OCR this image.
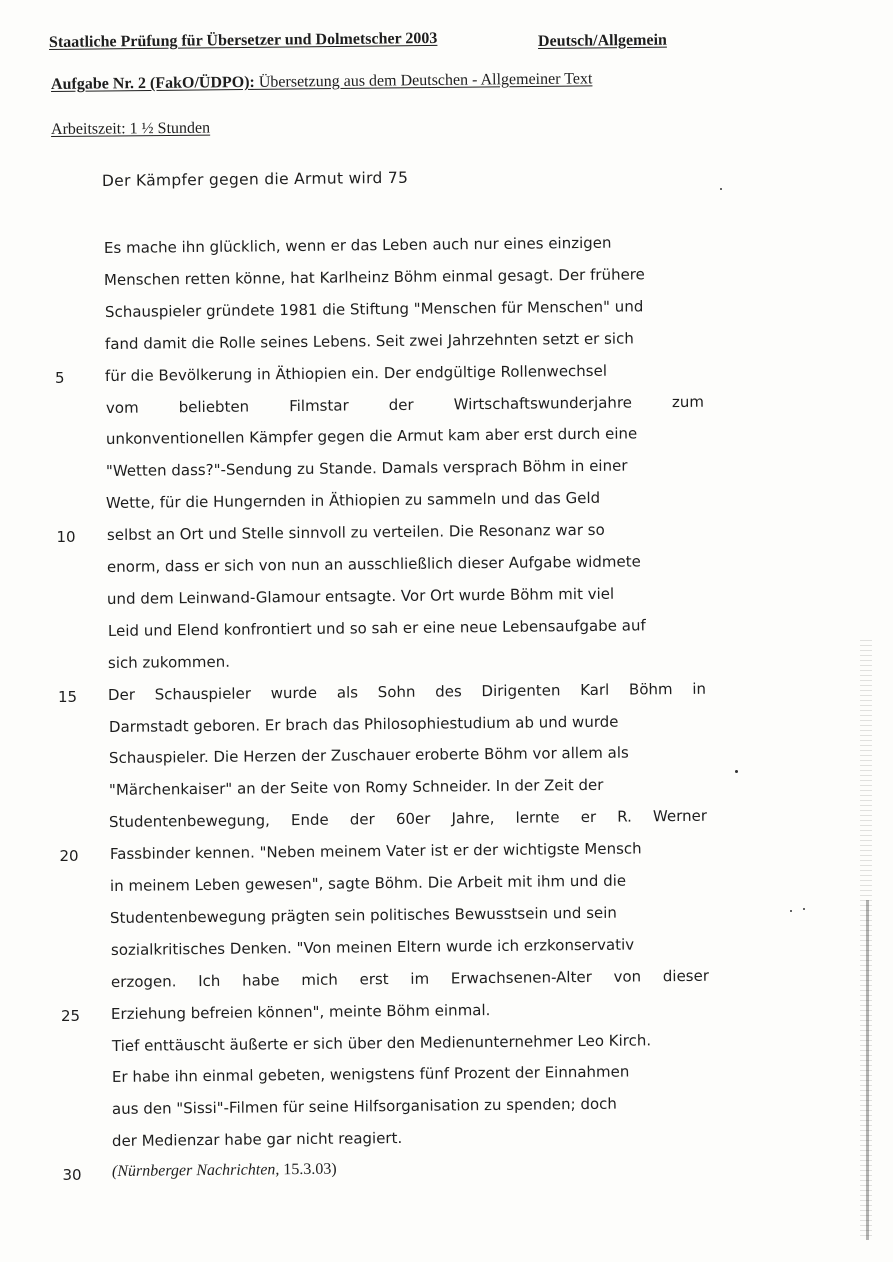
Staatliche Prüfung für Übersetzer und Dolmetscher 2003	Deutsch/Allgemein
Aufgabe Nr. 2 (FakO/ÜDPO): Übersetzung aus dem Deutschen - Allgemeiner Text
Arbeitszeit: 1 ½ Stunden
Der Kämpfer gegen die Armut wird 75
Es mache ihn glücklich, wenn er das Leben auch nur eines einzigen
Menschen retten könne, hat Karlheinz Böhm einmal gesagt. Der frühere
Schauspieler gründete 1981 die Stiftung "Menschen für Menschen" und
fand damit die Rolle seines Lebens. Seit zwei Jahrzehnten setzt er sich
für die Bevölkerung in Äthiopien ein. Der endgültige Rollenwechsel
vom beliebten Filmstar der Wirtschaftswunderjahre zum
unkonventionellen Kämpfer gegen die Armut kam aber erst durch eine
"Wetten dass?"-Sendung zu Stande. Damals versprach Böhm in einer
Wette, für die Hungernden in Äthiopien zu sammeln und das Geld
selbst an Ort und Stelle sinnvoll zu verteilen. Die Resonanz war so
enorm, dass er sich von nun an ausschließlich dieser Aufgabe widmete
und dem Leinwand-Glamour entsagte. Vor Ort wurde Böhm mit viel
Leid und Elend konfrontiert und so sah er eine neue Lebensaufgabe auf
sich zukommen.
Der Schauspieler wurde als Sohn des Dirigenten Karl Böhm in
Darmstadt geboren. Er brach das Philosophiestudium ab und wurde
Schauspieler. Die Herzen der Zuschauer eroberte Böhm vor allem als
"Märchenkaiser" an der Seite von Romy Schneider. In der Zeit der
Studentenbewegung, Ende der 60er Jahre, lernte er R. Werner
Fassbinder kennen. "Neben meinem Vater ist er der wichtigste Mensch
in meinem Leben gewesen", sagte Böhm. Die Arbeit mit ihm und die
Studentenbewegung prägten sein politisches Bewusstsein und sein
sozialkritisches Denken. "Von meinen Eltern wurde ich erzkonservativ
erzogen. Ich habe mich erst im Erwachsenen-Alter von dieser
Erziehung befreien können", meinte Böhm einmal.
Tief enttäuscht äußerte er sich über den Medienunternehmer Leo Kirch.
Er habe ihn einmal gebeten, wenigstens fünf Prozent der Einnahmen
aus den "Sissi"-Filmen für seine Hilfsorganisation zu spenden; doch
der Medienzar habe gar nicht reagiert.
5
10
15
20
25
30	(Nürnberger Nachrichten, 15.3.03)
